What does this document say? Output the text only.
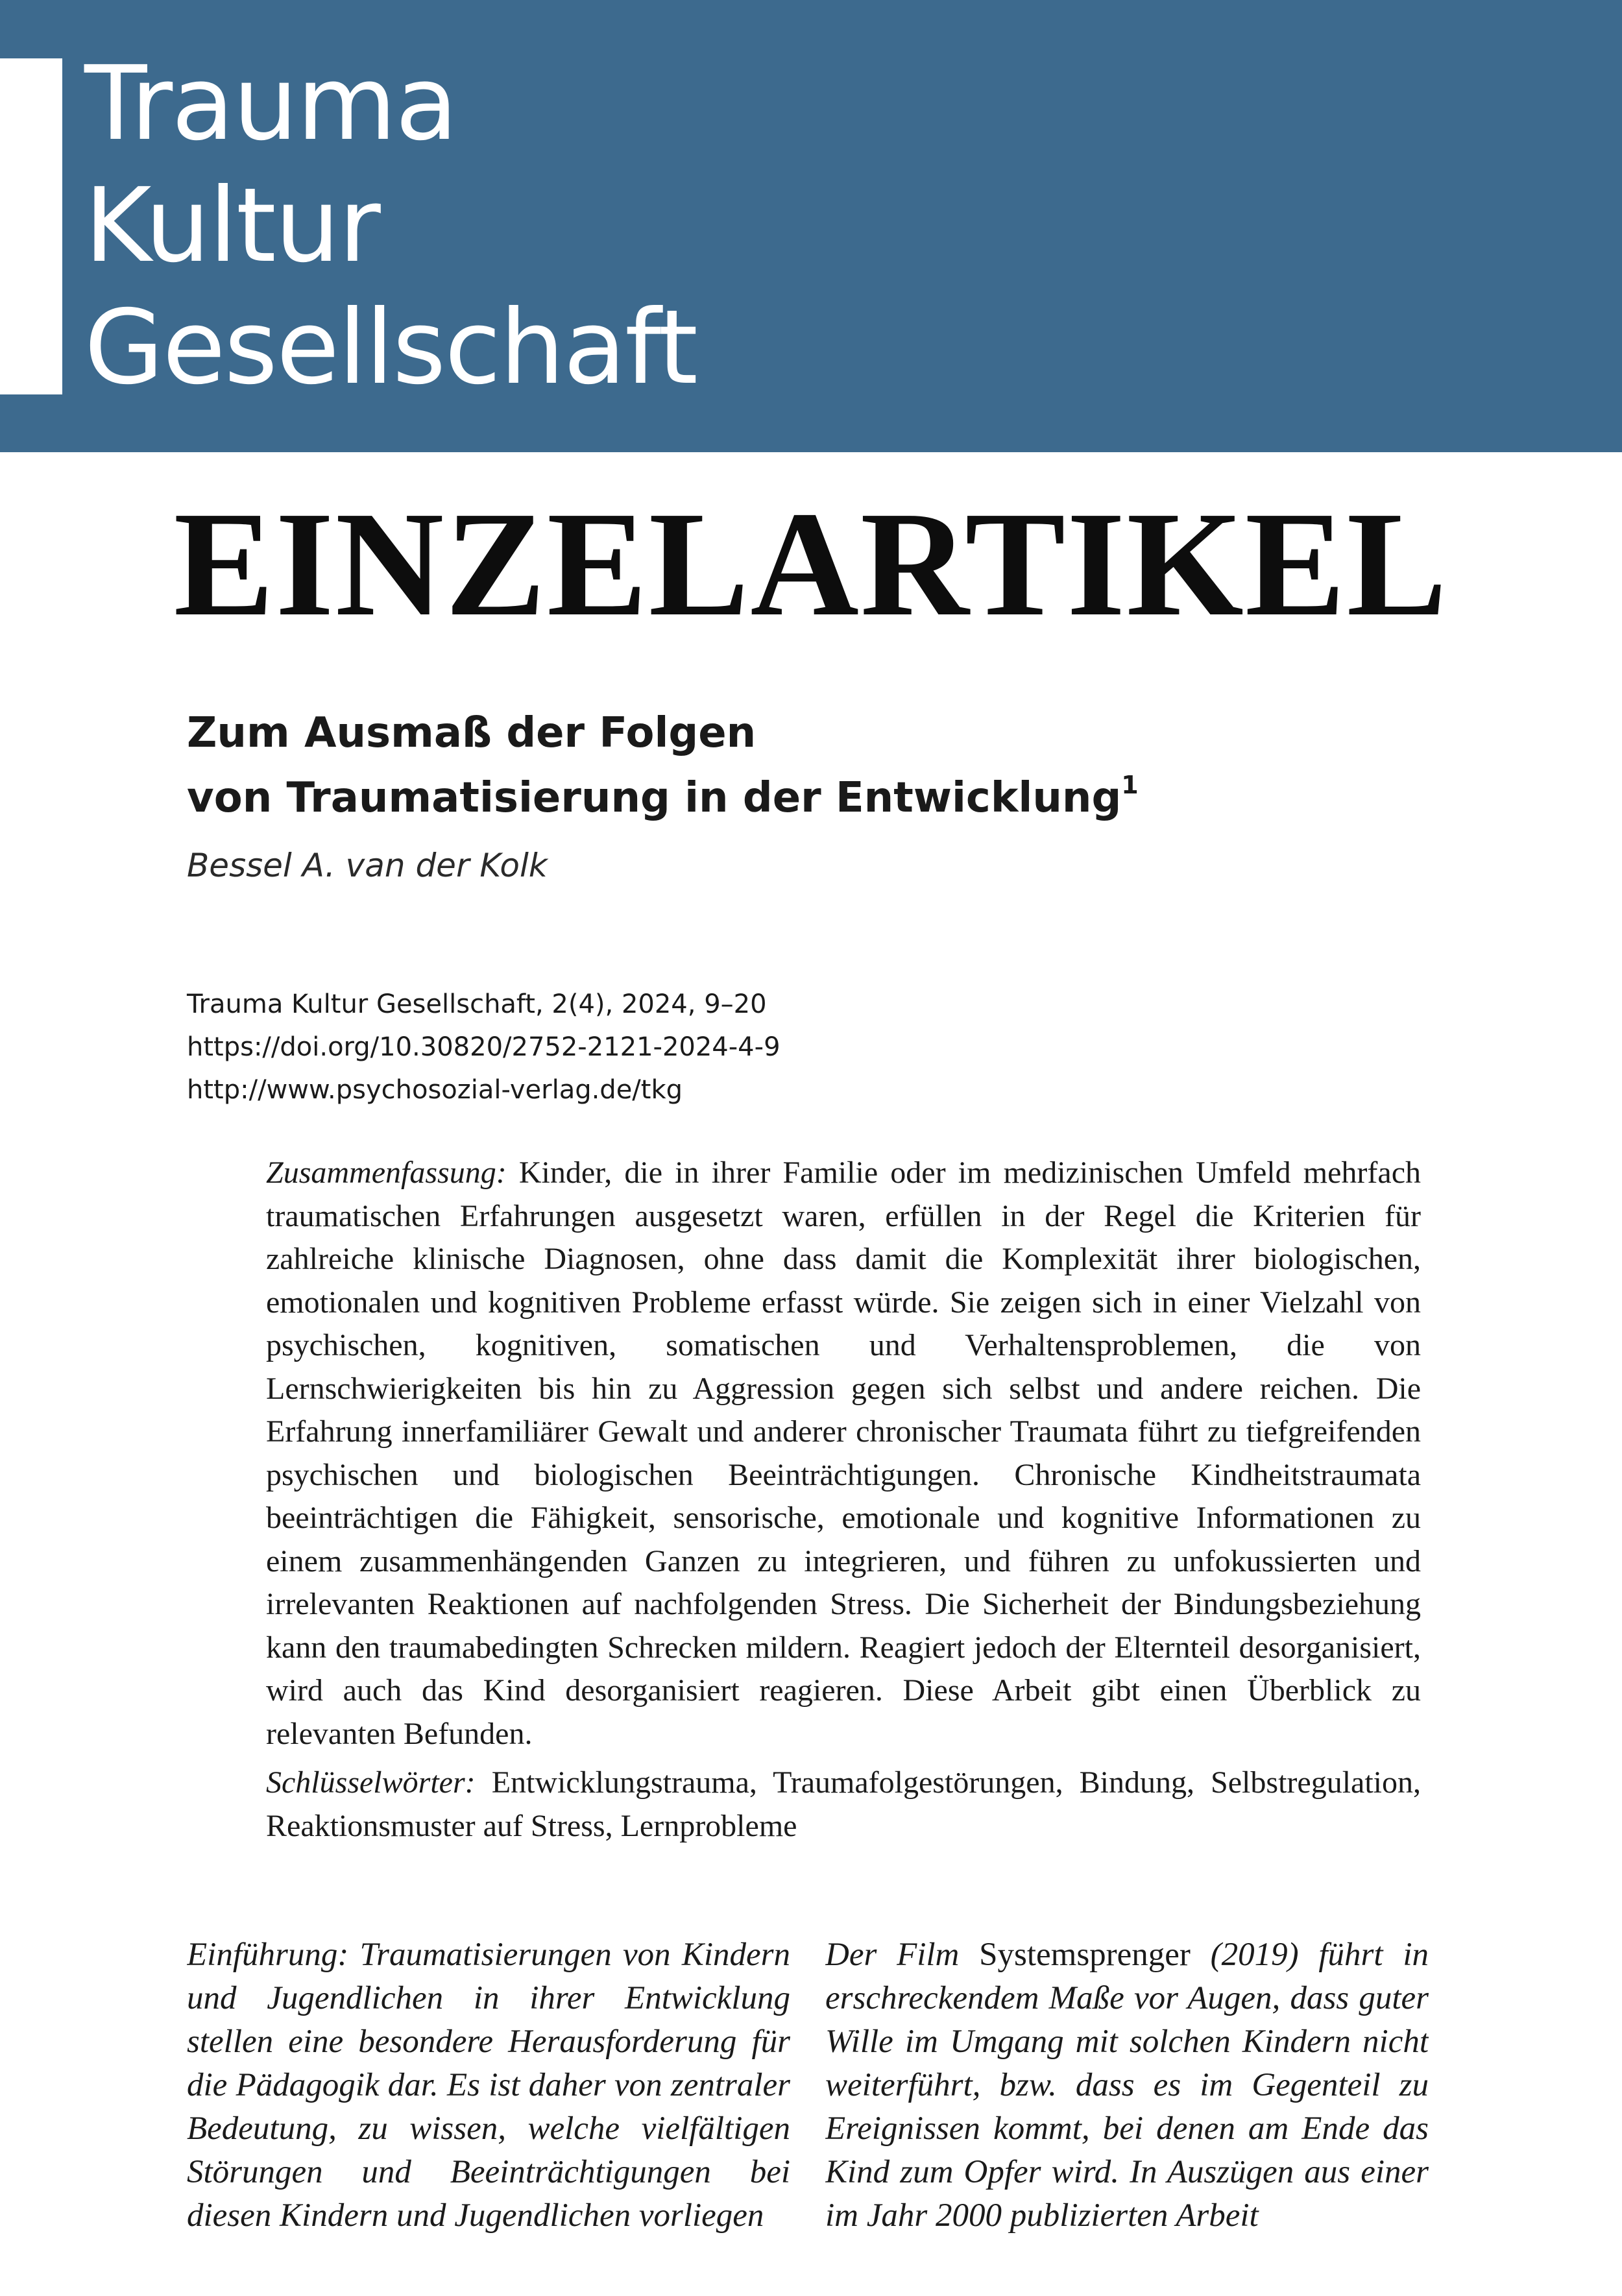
Trauma
Kultur
Gesellschaft
EINZELARTIKEL
Zum Ausmaß der Folgen
von Traumatisierung in der Entwicklung$^1$
Bessel A. van der Kolk
Trauma Kultur Gesellschaft, 2(4), 2024, 9–20
https://doi.org/10.30820/2752-2121-2024-4-9
http://www.psychosozial-verlag.de/tkg
Zusammenfassung: Kinder, die in ihrer Familie oder im medizinischen Umfeld mehrfach traumatischen Erfahrungen ausgesetzt waren, erfüllen in der Regel die Kriterien für zahlreiche klinische Diagnosen, ohne dass damit die Komplexität ihrer biologischen, emotionalen und kognitiven Probleme erfasst würde. Sie zeigen sich in einer Vielzahl von psychischen, kognitiven, somatischen und Verhaltensproblemen, die von Lernschwierigkeiten bis hin zu Aggression gegen sich selbst und andere reichen. Die Erfahrung innerfamiliärer Gewalt und anderer chronischer Traumata führt zu tiefgreifenden psychischen und biologischen Beeinträchtigungen. Chronische Kindheitstraumata beeinträchtigen die Fähigkeit, sensorische, emotionale und kognitive Informationen zu einem zusammenhängenden Ganzen zu integrieren, und führen zu unfokussierten und irrelevanten Reaktionen auf nachfolgenden Stress. Die Sicherheit der Bindungsbeziehung kann den traumabedingten Schrecken mildern. Reagiert jedoch der Elternteil desorganisiert, wird auch das Kind desorganisiert reagieren. Diese Arbeit gibt einen Überblick zu relevanten Befunden.
Schlüsselwörter: Entwicklungstrauma, Traumafolgestörungen, Bindung, Selbstregulation, Reaktionsmuster auf Stress, Lernprobleme
Einführung: Traumatisierungen von Kindern und Jugendlichen in ihrer Entwicklung stellen eine besondere Herausforderung für die Pädagogik dar. Es ist daher von zentraler Bedeutung, zu wissen, welche vielfältigen Störungen und Beeinträchtigungen bei diesen Kindern und Jugendlichen vorliegen
Der Film Systemsprenger (2019) führt in erschreckendem Maße vor Augen, dass guter Wille im Umgang mit solchen Kindern nicht weiterführt, bzw. dass es im Gegenteil zu Ereignissen kommt, bei denen am Ende das Kind zum Opfer wird. In Auszügen aus einer im Jahr 2000 publizierten Arbeit
